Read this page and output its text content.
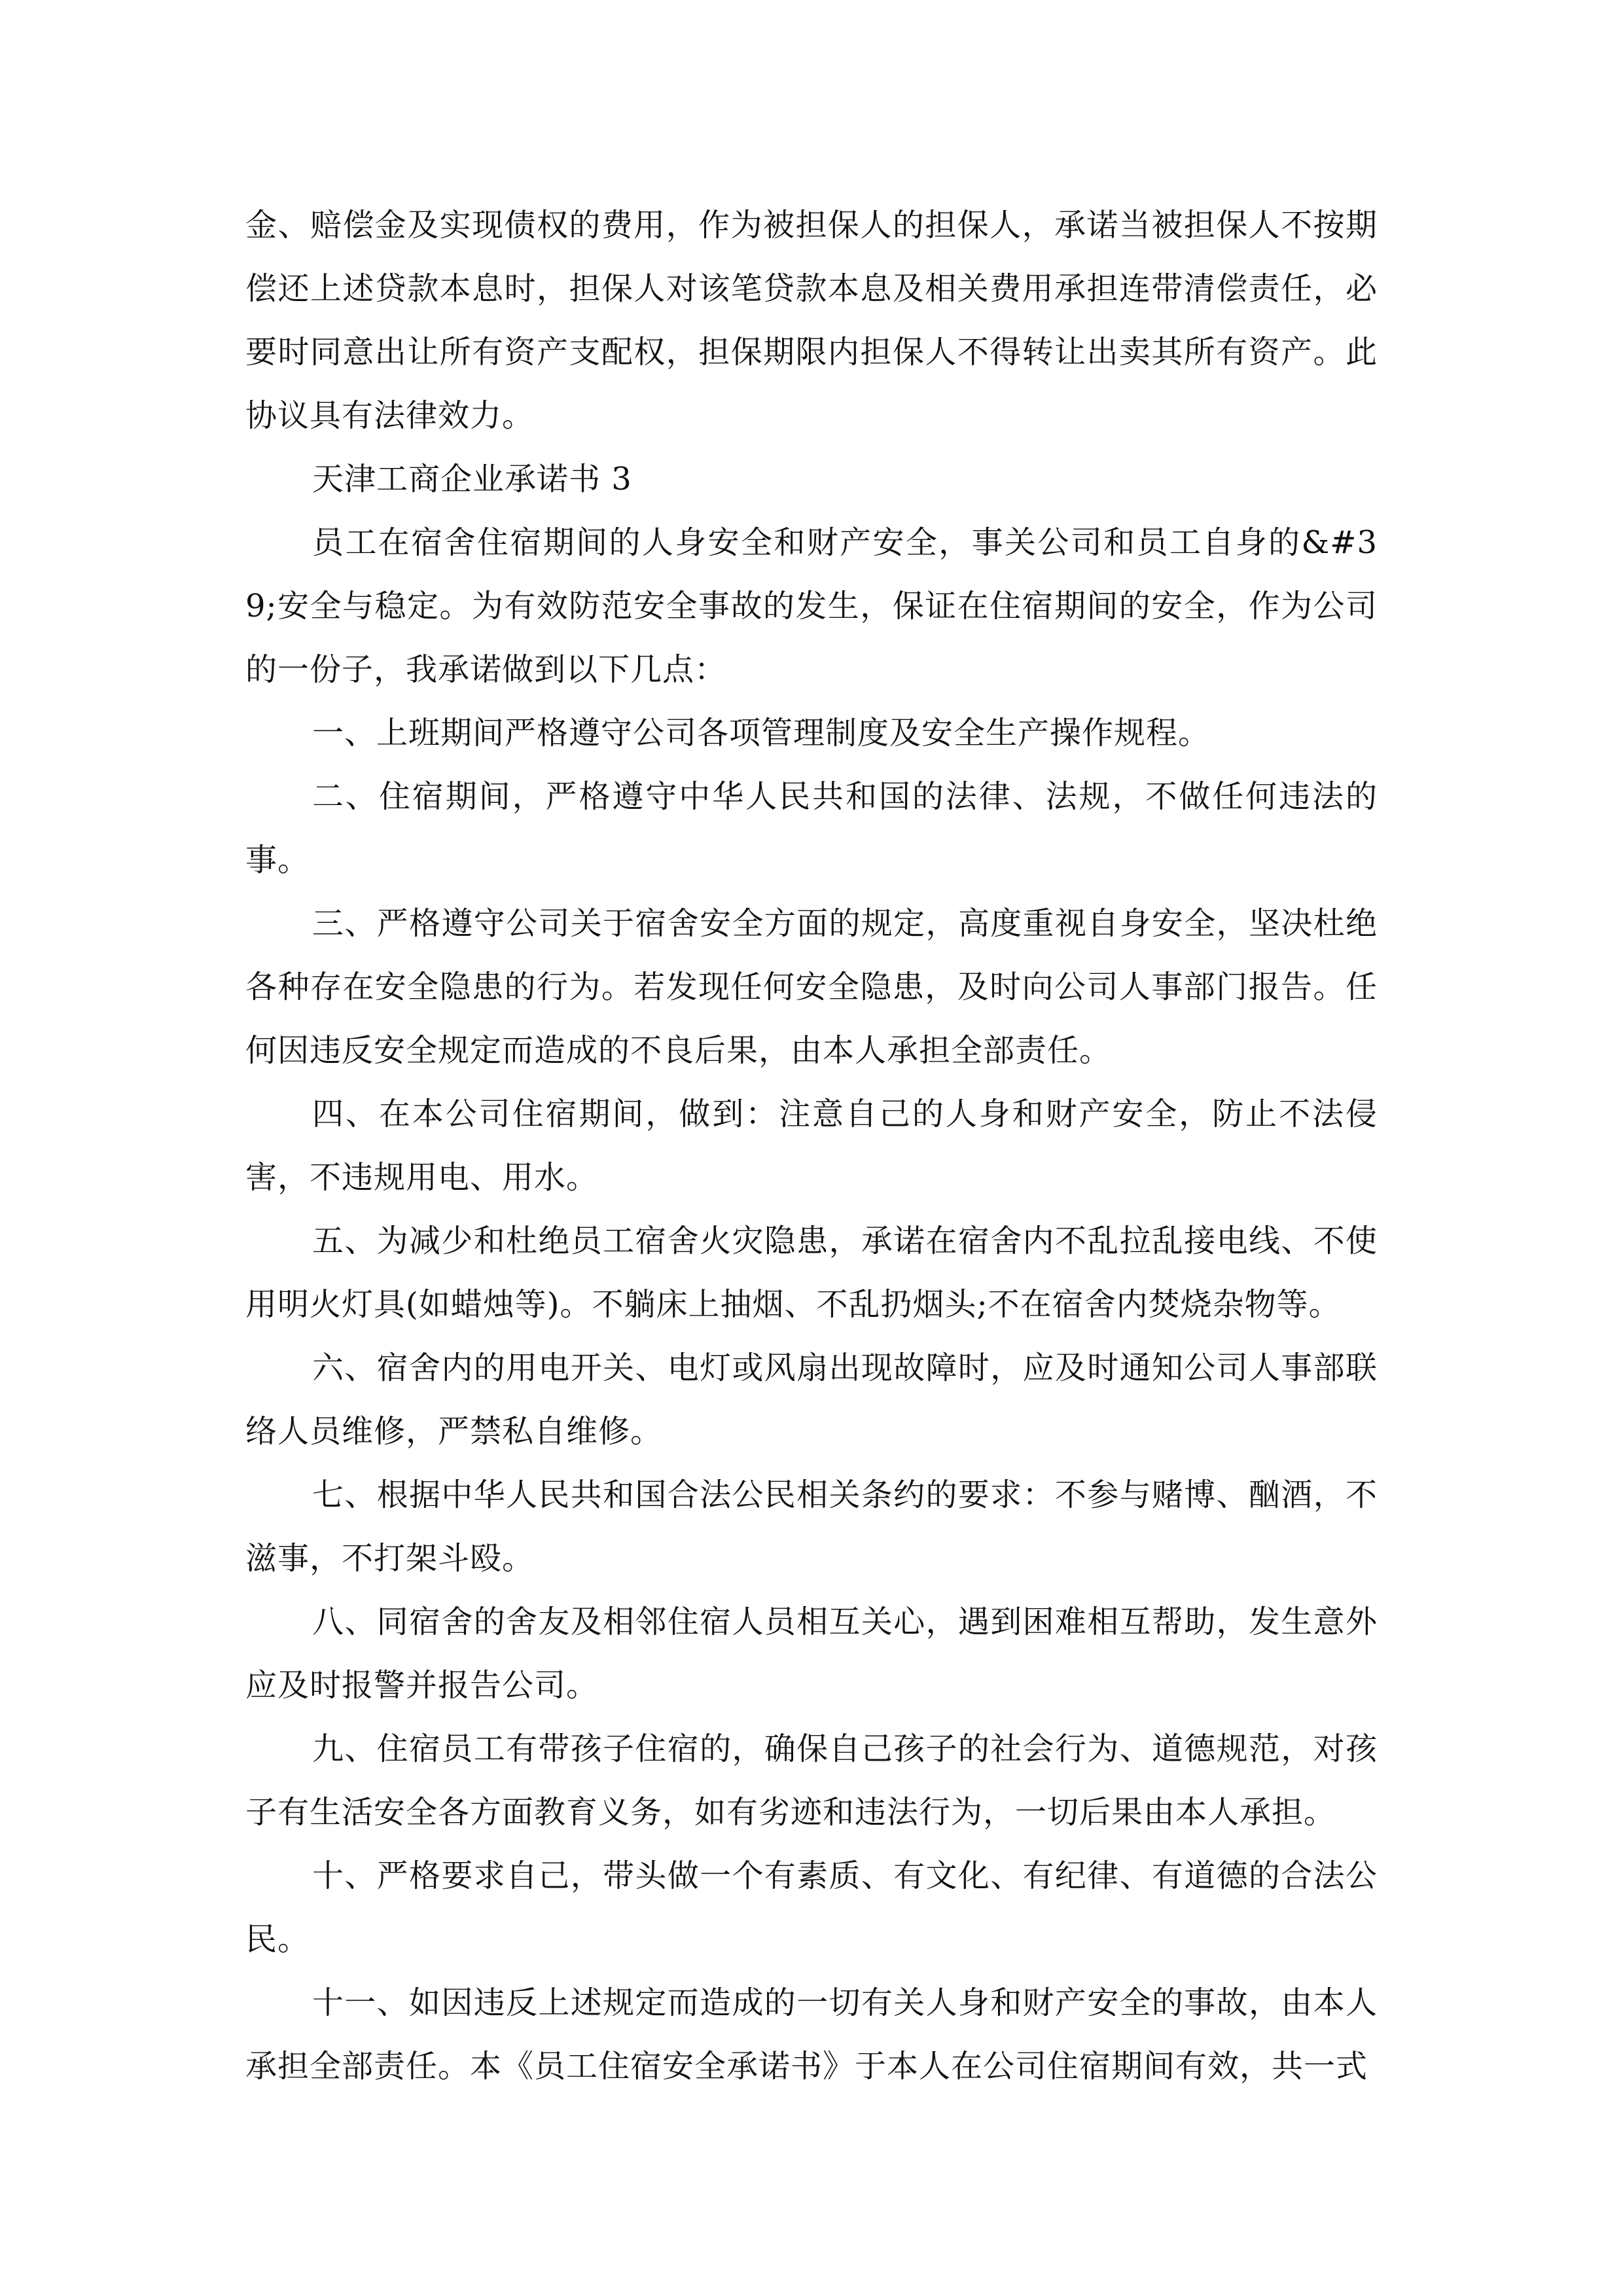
金、赔偿金及实现债权的费用，作为被担保人的担保人，承诺当被担保人不按期偿还上述贷款本息时，担保人对该笔贷款本息及相关费用承担连带清偿责任，必要时同意出让所有资产支配权，担保期限内担保人不得转让出卖其所有资产。此协议具有法律效力。

天津工商企业承诺书 3

员工在宿舍住宿期间的人身安全和财产安全，事关公司和员工自身的&#39;安全与稳定。为有效防范安全事故的发生，保证在住宿期间的安全，作为公司的一份子，我承诺做到以下几点：

一、上班期间严格遵守公司各项管理制度及安全生产操作规程。

二、住宿期间，严格遵守中华人民共和国的法律、法规，不做任何违法的事。

三、严格遵守公司关于宿舍安全方面的规定，高度重视自身安全，坚决杜绝各种存在安全隐患的行为。若发现任何安全隐患，及时向公司人事部门报告。任何因违反安全规定而造成的不良后果，由本人承担全部责任。

四、在本公司住宿期间，做到：注意自己的人身和财产安全，防止不法侵害，不违规用电、用水。

五、为减少和杜绝员工宿舍火灾隐患，承诺在宿舍内不乱拉乱接电线、不使用明火灯具(如蜡烛等)。不躺床上抽烟、不乱扔烟头;不在宿舍内焚烧杂物等。

六、宿舍内的用电开关、电灯或风扇出现故障时，应及时通知公司人事部联络人员维修，严禁私自维修。

七、根据中华人民共和国合法公民相关条约的要求：不参与赌博、酗酒，不滋事，不打架斗殴。

八、同宿舍的舍友及相邻住宿人员相互关心，遇到困难相互帮助，发生意外应及时报警并报告公司。

九、住宿员工有带孩子住宿的，确保自己孩子的社会行为、道德规范，对孩子有生活安全各方面教育义务，如有劣迹和违法行为，一切后果由本人承担。

十、严格要求自己，带头做一个有素质、有文化、有纪律、有道德的合法公民。

十一、如因违反上述规定而造成的一切有关人身和财产安全的事故，由本人承担全部责任。本《员工住宿安全承诺书》于本人在公司住宿期间有效，共一式
